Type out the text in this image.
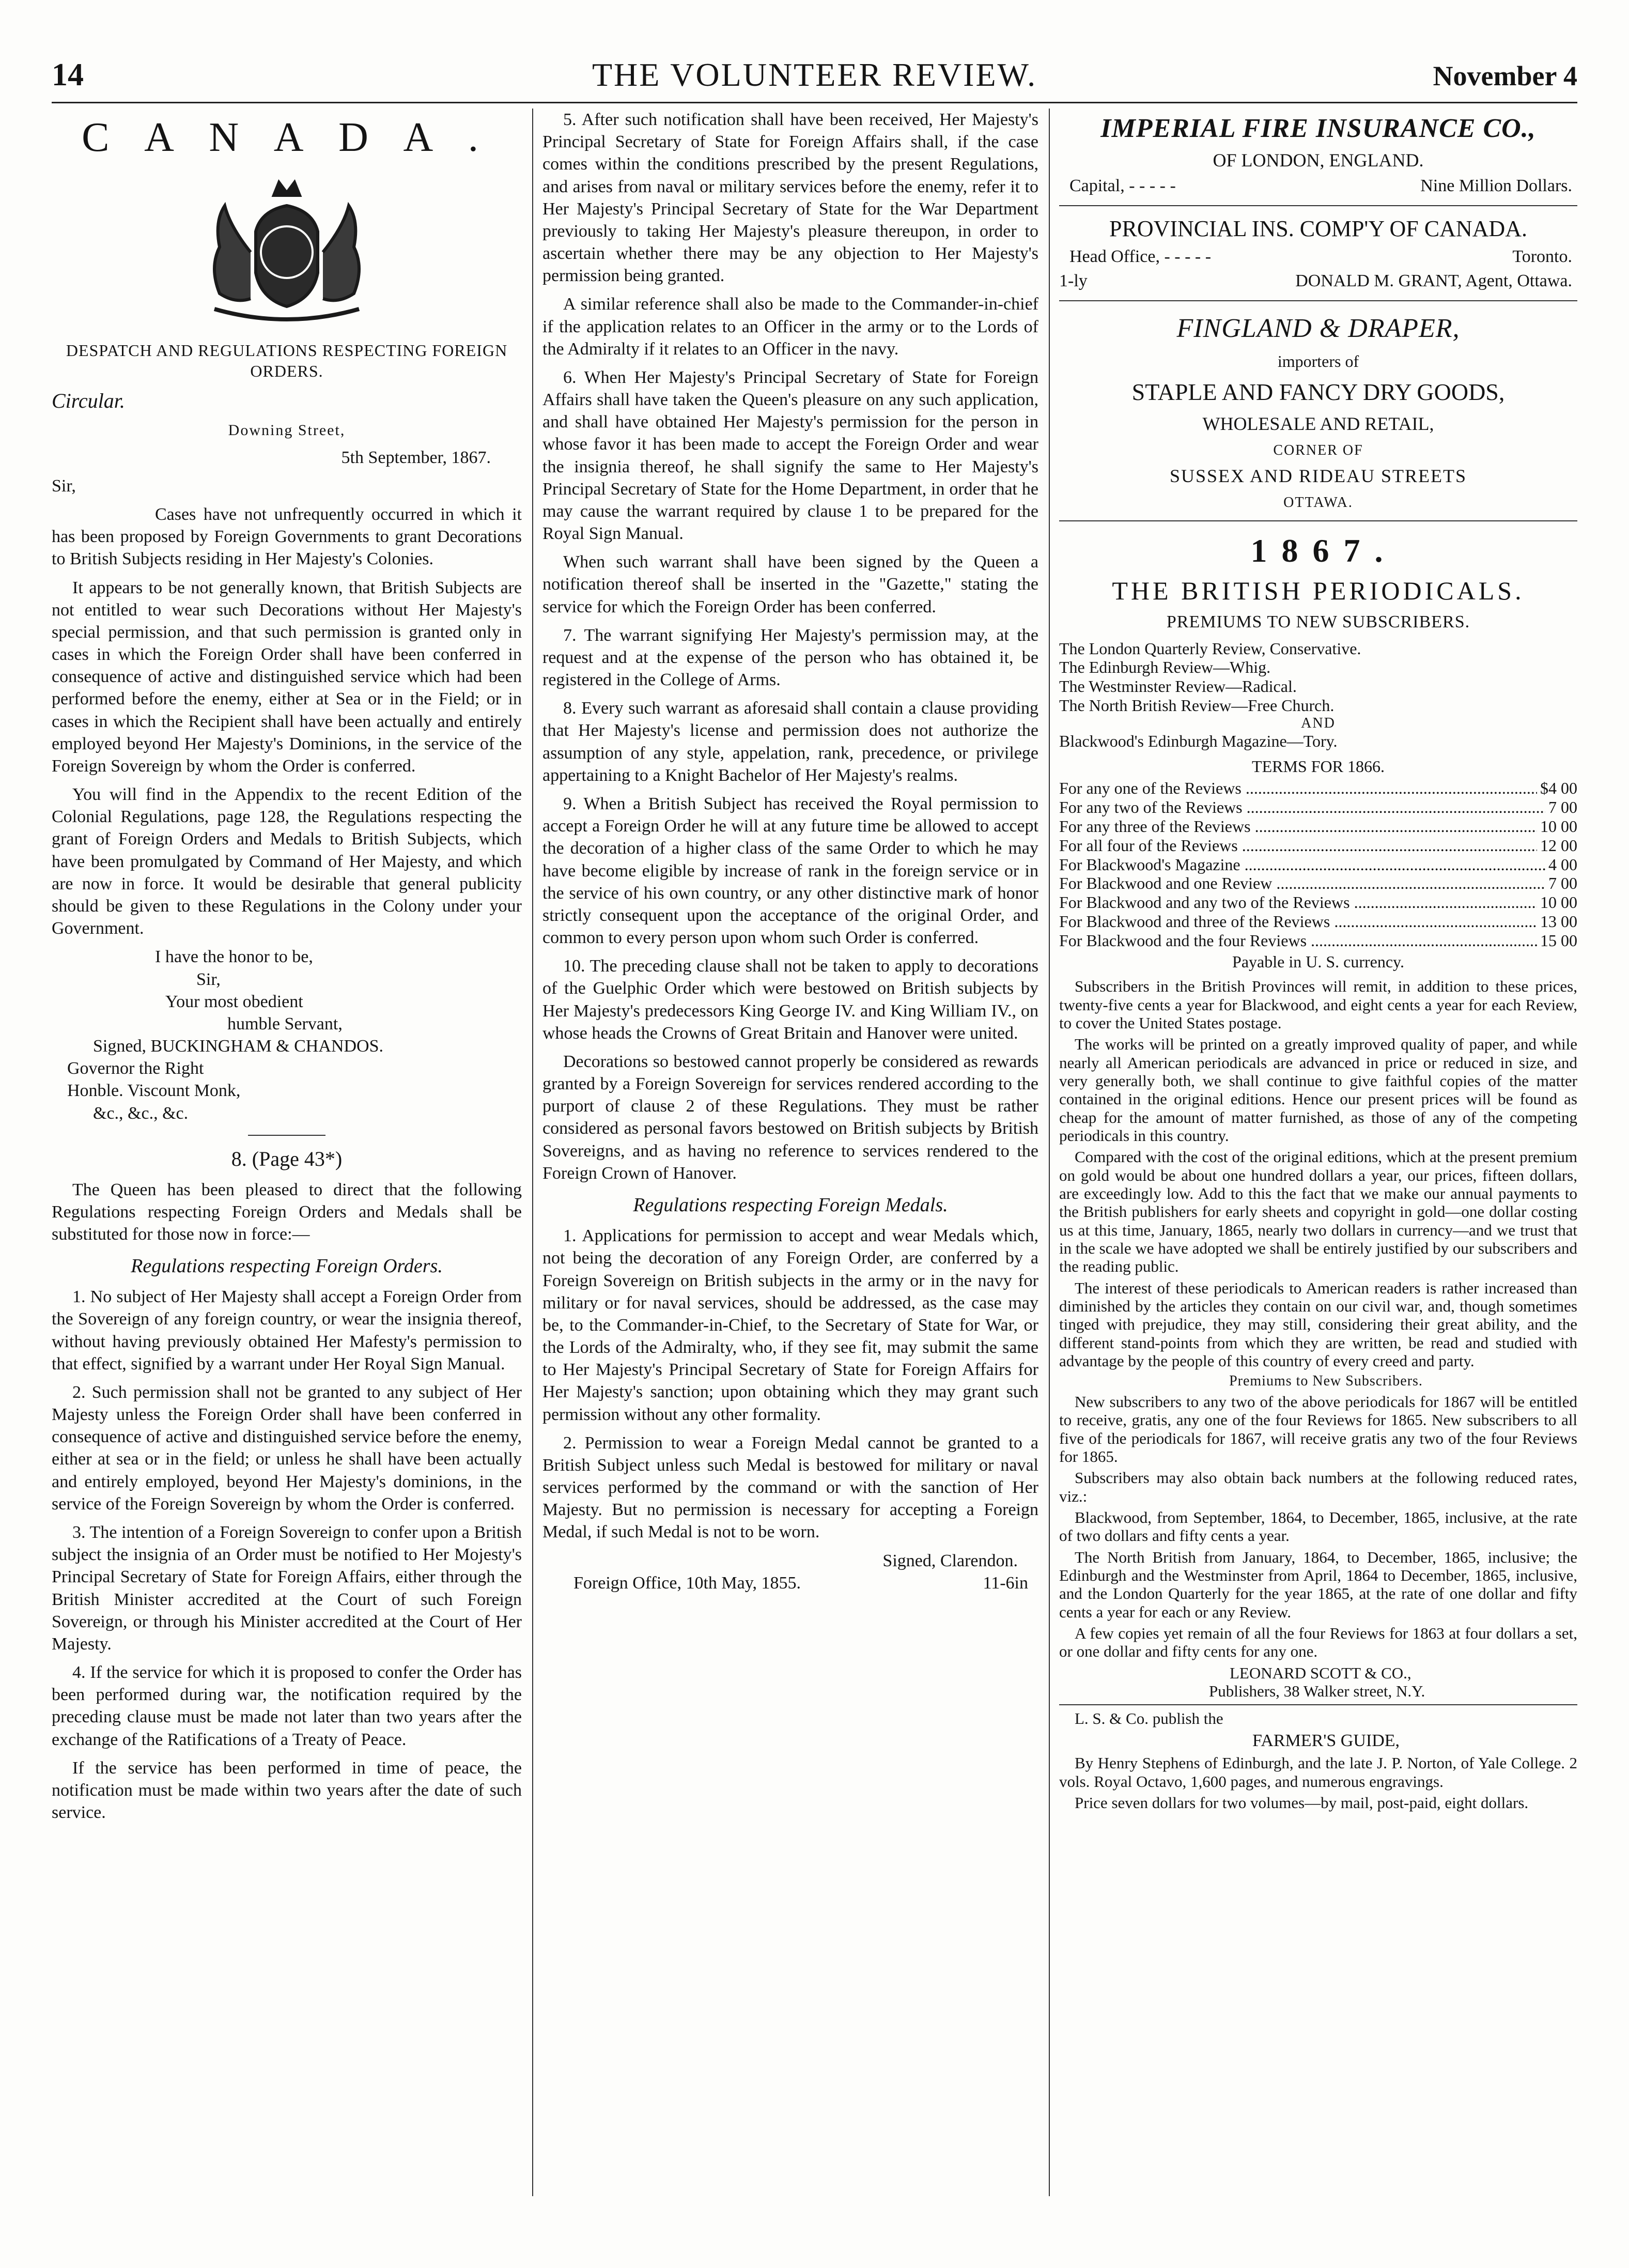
14	THE VOLUNTEER REVIEW.	November 4
C A N A D A .

DESPATCH AND REGULATIONS RESPECTING FOREIGN ORDERS.

Circular.

Downing Street,

5th September, 1867.

Sir,

Cases have not unfrequently occurred in which it has been proposed by Foreign Governments to grant Decorations to British Subjects residing in Her Majesty's Colonies.

It appears to be not generally known, that British Subjects are not entitled to wear such Decorations without Her Majesty's special permission, and that such permission is granted only in cases in which the Foreign Order shall have been conferred in consequence of active and distinguished service which had been performed before the enemy, either at Sea or in the Field; or in cases in which the Recipient shall have been actually and entirely employed beyond Her Majesty's Dominions, in the service of the Foreign Sovereign by whom the Order is conferred.

You will find in the Appendix to the recent Edition of the Colonial Regulations, page 128, the Regulations respecting the grant of Foreign Orders and Medals to British Subjects, which have been promulgated by Command of Her Majesty, and which are now in force. It would be desirable that general publicity should be given to these Regulations in the Colony under your Government.

I have the honor to be,

Sir,

Your most obedient

humble Servant,

Signed, BUCKINGHAM & CHANDOS.

Governor the Right

Honble. Viscount Monk,

&c., &c., &c.

8. (Page 43*)

The Queen has been pleased to direct that the following Regulations respecting Foreign Orders and Medals shall be substituted for those now in force:—

Regulations respecting Foreign Orders.

1. No subject of Her Majesty shall accept a Foreign Order from the Sovereign of any foreign country, or wear the insignia thereof, without having previously obtained Her Mafesty's permission to that effect, signified by a warrant under Her Royal Sign Manual.

2. Such permission shall not be granted to any subject of Her Majesty unless the Foreign Order shall have been conferred in consequence of active and distinguished service before the enemy, either at sea or in the field; or unless he shall have been actually and entirely employed, beyond Her Majesty's dominions, in the service of the Foreign Sovereign by whom the Order is conferred.

3. The intention of a Foreign Sovereign to confer upon a British subject the insignia of an Order must be notified to Her Mojesty's Principal Secretary of State for Foreign Affairs, either through the British Minister accredited at the Court of such Foreign Sovereign, or through his Minister accredited at the Court of Her Majesty.

4. If the service for which it is proposed to confer the Order has been performed during war, the notification required by the preceding clause must be made not later than two years after the exchange of the Ratifications of a Treaty of Peace.

If the service has been performed in time of peace, the notification must be made within two years after the date of such service.

5. After such notification shall have been received, Her Majesty's Principal Secretary of State for Foreign Affairs shall, if the case comes within the conditions prescribed by the present Regulations, and arises from naval or military services before the enemy, refer it to Her Majesty's Principal Secretary of State for the War Department previously to taking Her Majesty's pleasure thereupon, in order to ascertain whether there may be any objection to Her Majesty's permission being granted.

A similar reference shall also be made to the Commander-in-chief if the application relates to an Officer in the army or to the Lords of the Admiralty if it relates to an Officer in the navy.

6. When Her Majesty's Principal Secretary of State for Foreign Affairs shall have taken the Queen's pleasure on any such application, and shall have obtained Her Majesty's permission for the person in whose favor it has been made to accept the Foreign Order and wear the insignia thereof, he shall signify the same to Her Majesty's Principal Secretary of State for the Home Department, in order that he may cause the warrant required by clause 1 to be prepared for the Royal Sign Manual.

When such warrant shall have been signed by the Queen a notification thereof shall be inserted in the "Gazette," stating the service for which the Foreign Order has been conferred.

7. The warrant signifying Her Majesty's permission may, at the request and at the expense of the person who has obtained it, be registered in the College of Arms.

8. Every such warrant as aforesaid shall contain a clause providing that Her Majesty's license and permission does not authorize the assumption of any style, appelation, rank, precedence, or privilege appertaining to a Knight Bachelor of Her Majesty's realms.

9. When a British Subject has received the Royal permission to accept a Foreign Order he will at any future time be allowed to accept the decoration of a higher class of the same Order to which he may have become eligible by increase of rank in the foreign service or in the service of his own country, or any other distinctive mark of honor strictly consequent upon the acceptance of the original Order, and common to every person upon whom such Order is conferred.

10. The preceding clause shall not be taken to apply to decorations of the Guelphic Order which were bestowed on British subjects by Her Majesty's predecessors King George IV. and King William IV., on whose heads the Crowns of Great Britain and Hanover were united.

Decorations so bestowed cannot properly be considered as rewards granted by a Foreign Sovereign for services rendered according to the purport of clause 2 of these Regulations. They must be rather considered as personal favors bestowed on British subjects by British Sovereigns, and as having no reference to services rendered to the Foreign Crown of Hanover.

Regulations respecting Foreign Medals.

1. Applications for permission to accept and wear Medals which, not being the decoration of any Foreign Order, are conferred by a Foreign Sovereign on British subjects in the army or in the navy for military or for naval services, should be addressed, as the case may be, to the Commander-in-Chief, to the Secretary of State for War, or the Lords of the Admiralty, who, if they see fit, may submit the same to Her Majesty's Principal Secretary of State for Foreign Affairs for Her Majesty's sanction; upon obtaining which they may grant such permission without any other formality.

2. Permission to wear a Foreign Medal cannot be granted to a British Subject unless such Medal is bestowed for military or naval services performed by the command or with the sanction of Her Majesty. But no permission is necessary for accepting a Foreign Medal, if such Medal is not to be worn.

Signed, Clarendon.

Foreign Office, 10th May, 1855.	11-6in
IMPERIAL FIRE INSURANCE CO.,
OF LONDON, ENGLAND.
Capital, - - - - -	Nine Million Dollars.
PROVINCIAL INS. COMP'Y OF CANADA.
Head Office, - - - - -	Toronto.
1-ly	DONALD M. GRANT, Agent, Ottawa.
FINGLAND & DRAPER,
importers of
STAPLE AND FANCY DRY GOODS,
WHOLESALE AND RETAIL,
CORNER OF
SUSSEX AND RIDEAU STREETS
OTTAWA.
1 8 6 7 .
THE BRITISH PERIODICALS.
PREMIUMS TO NEW SUBSCRIBERS.
The London Quarterly Review, Conservative.
The Edinburgh Review—Whig.
The Westminster Review—Radical.
The North British Review—Free Church.
AND
Blackwood's Edinburgh Magazine—Tory.
TERMS FOR 1866.
For any one of the Reviews .....	$4 00
For any two of the Reviews .....	7 00
For any three of the Reviews .....	10 00
For all four of the Reviews .....	12 00
For Blackwood's Magazine .....	4 00
For Blackwood and one Review .....	7 00
For Blackwood and any two of the Reviews .....	10 00
For Blackwood and three of the Reviews .....	13 00
For Blackwood and the four Reviews .....	15 00
Payable in U. S. currency.

Subscribers in the British Provinces will remit, in addition to these prices, twenty-five cents a year for Blackwood, and eight cents a year for each Review, to cover the United States postage.

The works will be printed on a greatly improved quality of paper, and while nearly all American periodicals are advanced in price or reduced in size, and very generally both, we shall continue to give faithful copies of the matter contained in the original editions. Hence our present prices will be found as cheap for the amount of matter furnished, as those of any of the competing periodicals in this country.

Compared with the cost of the original editions, which at the present premium on gold would be about one hundred dollars a year, our prices, fifteen dollars, are exceedingly low. Add to this the fact that we make our annual payments to the British publishers for early sheets and copyright in gold—one dollar costing us at this time, January, 1865, nearly two dollars in currency—and we trust that in the scale we have adopted we shall be entirely justified by our subscribers and the reading public.

The interest of these periodicals to American readers is rather increased than diminished by the articles they contain on our civil war, and, though sometimes tinged with prejudice, they may still, considering their great ability, and the different stand-points from which they are written, be read and studied with advantage by the people of this country of every creed and party.

Premiums to New Subscribers.

New subscribers to any two of the above periodicals for 1867 will be entitled to receive, gratis, any one of the four Reviews for 1865. New subscribers to all five of the periodicals for 1867, will receive gratis any two of the four Reviews for 1865.

Subscribers may also obtain back numbers at the following reduced rates, viz.:

Blackwood, from September, 1864, to December, 1865, inclusive, at the rate of two dollars and fifty cents a year.

The North British from January, 1864, to December, 1865, inclusive; the Edinburgh and the Westminster from April, 1864 to December, 1865, inclusive, and the London Quarterly for the year 1865, at the rate of one dollar and fifty cents a year for each or any Review.

A few copies yet remain of all the four Reviews for 1863 at four dollars a set, or one dollar and fifty cents for any one.

LEONARD SCOTT & CO.,

Publishers, 38 Walker street, N.Y.

L. S. & Co. publish the

FARMER'S GUIDE,

By Henry Stephens of Edinburgh, and the late J. P. Norton, of Yale College. 2 vols. Royal Octavo, 1,600 pages, and numerous engravings.

Price seven dollars for two volumes—by mail, post-paid, eight dollars.
